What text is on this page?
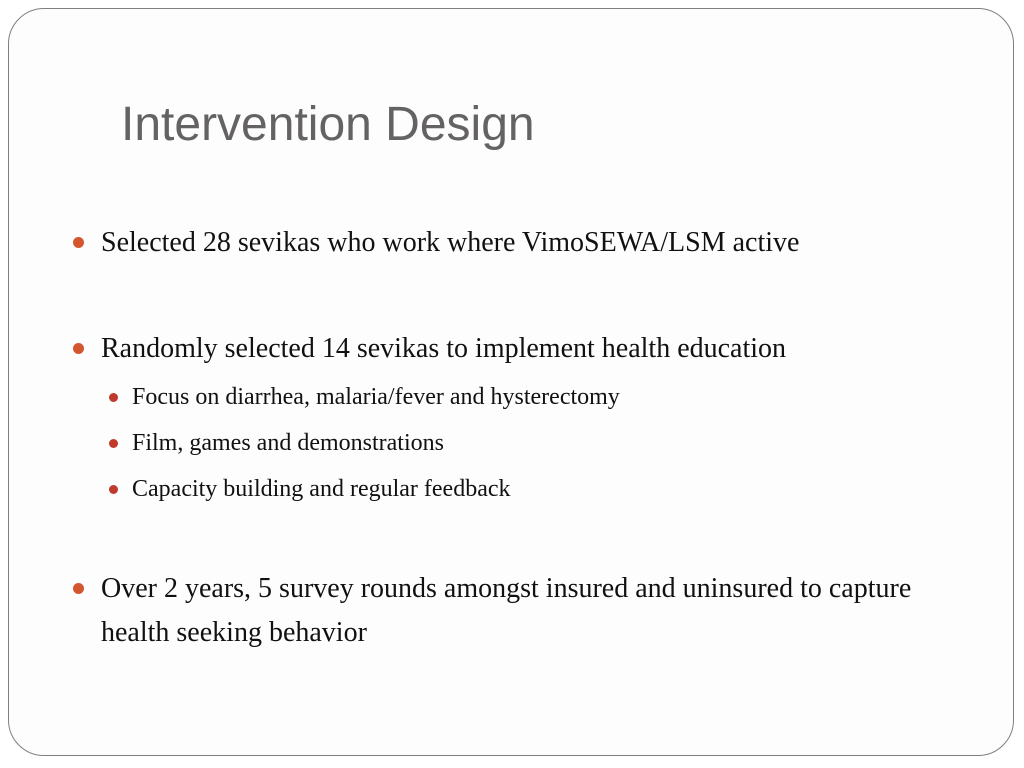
Intervention Design
Selected 28 sevikas who work where VimoSEWA/LSM active
Randomly selected 14 sevikas to implement health education
Focus on diarrhea, malaria/fever and hysterectomy
Film, games and demonstrations
Capacity building and regular feedback
Over 2 years, 5 survey rounds amongst insured and uninsured to capture health seeking behavior
